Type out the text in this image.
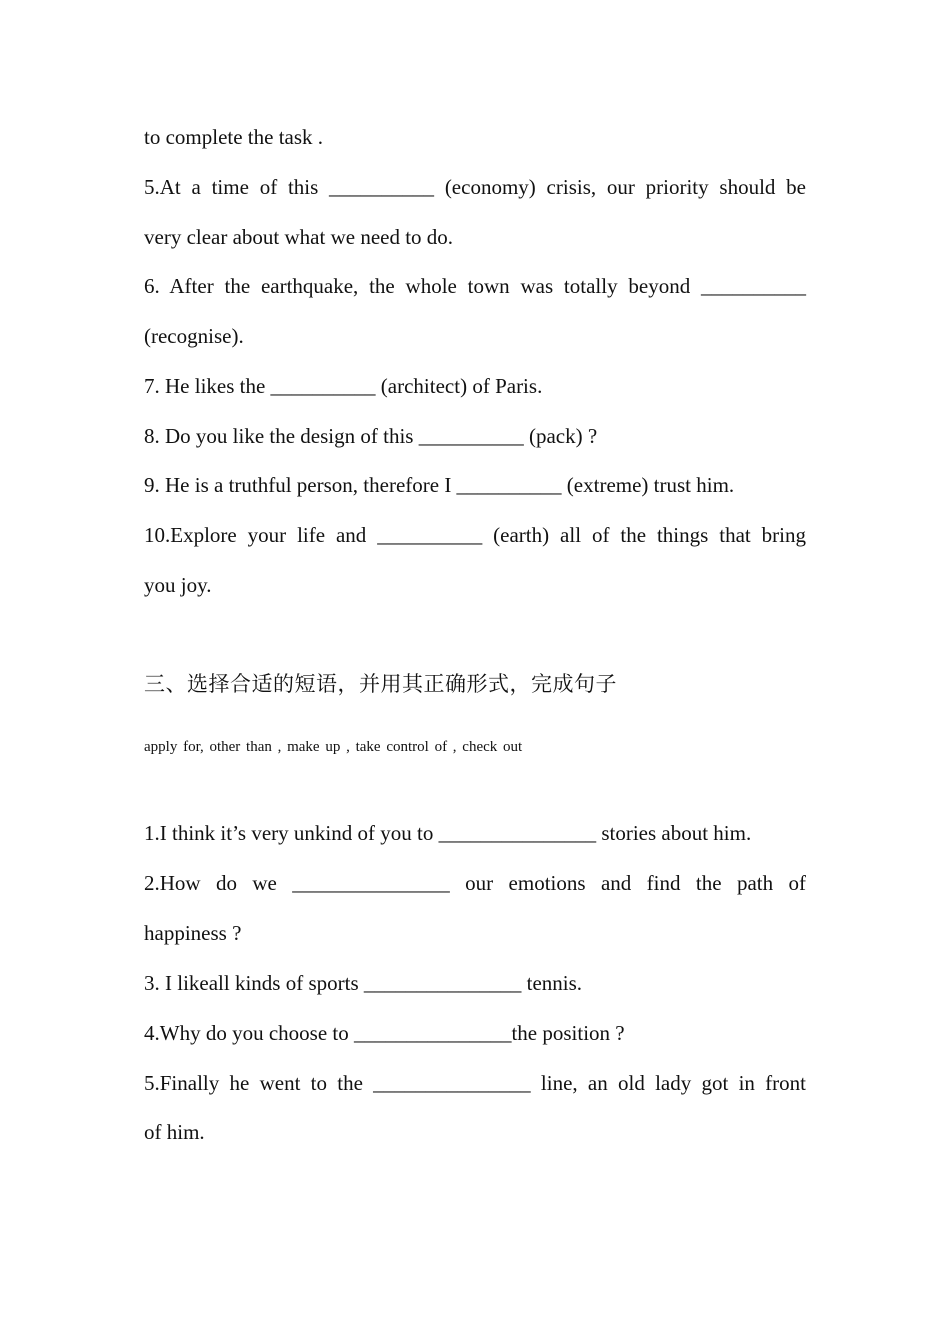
to complete the task .
5.At a time of this __________ (economy) crisis, our priority should be
very clear about what we need to do.
6. After the earthquake, the whole town was totally beyond __________
(recognise).
7. He likes the __________ (architect) of Paris.
8. Do you like the design of this __________ (pack) ?
9. He is a truthful person, therefore I __________ (extreme) trust him.
10.Explore your life and __________ (earth) all of the things that bring
you joy.
三、选择合适的短语，并用其正确形式，完成句子
apply for, other than , make up , take control of , check out
1.I think it’s very unkind of you to _______________ stories about him.
2.How do we _______________ our emotions and find the path of
happiness ?
3. I likeall kinds of sports _______________ tennis.
4.Why do you choose to _______________the position ?
5.Finally he went to the _______________ line, an old lady got in front
of him.
